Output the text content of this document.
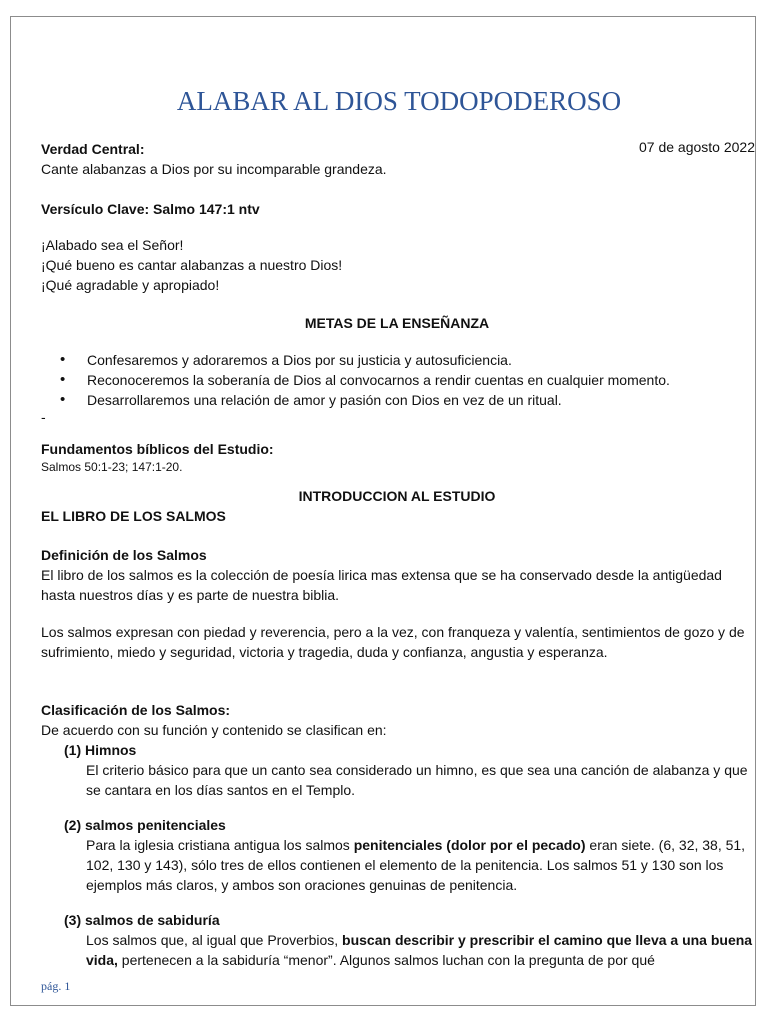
ALABAR AL DIOS TODOPODEROSO
07 de agosto 2022
Verdad Central:
Cante alabanzas a Dios por su incomparable grandeza.
Versículo Clave: Salmo 147:1 ntv
¡Alabado sea el Señor!
¡Qué bueno es cantar alabanzas a nuestro Dios!
¡Qué agradable y apropiado!
METAS DE LA ENSEÑANZA
• Confesaremos y adoraremos a Dios por su justicia y autosuficiencia.
• Reconoceremos la soberanía de Dios al convocarnos a rendir cuentas en cualquier momento.
• Desarrollaremos una relación de amor y pasión con Dios en vez de un ritual.
-
Fundamentos bíblicos del Estudio:
Salmos 50:1-23; 147:1-20.
INTRODUCCION AL ESTUDIO
EL LIBRO DE LOS SALMOS
Definición de los Salmos

El libro de los salmos es la colección de poesía lirica mas extensa que se ha conservado desde la antigüedad hasta nuestros días y es parte de nuestra biblia.

Los salmos expresan con piedad y reverencia, pero a la vez, con franqueza y valentía, sentimientos de gozo y de sufrimiento, miedo y seguridad, victoria y tragedia, duda y confianza, angustia y esperanza.

Clasificación de los Salmos:
De acuerdo con su función y contenido se clasifican en:
(1) Himnos

El criterio básico para que un canto sea considerado un himno, es que sea una canción de alabanza y que se cantara en los días santos en el Templo.

(2) salmos penitenciales

Para la iglesia cristiana antigua los salmos penitenciales (dolor por el pecado) eran siete. (6, 32, 38, 51, 102, 130 y 143), sólo tres de ellos contienen el elemento de la penitencia. Los salmos 51 y 130 son los ejemplos más claros, y ambos son oraciones genuinas de penitencia.

(3) salmos de sabiduría

Los salmos que, al igual que Proverbios, buscan describir y prescribir el camino que lleva a una buena vida, pertenecen a la sabiduría “menor”. Algunos salmos luchan con la pregunta de por qué

pág. 1
